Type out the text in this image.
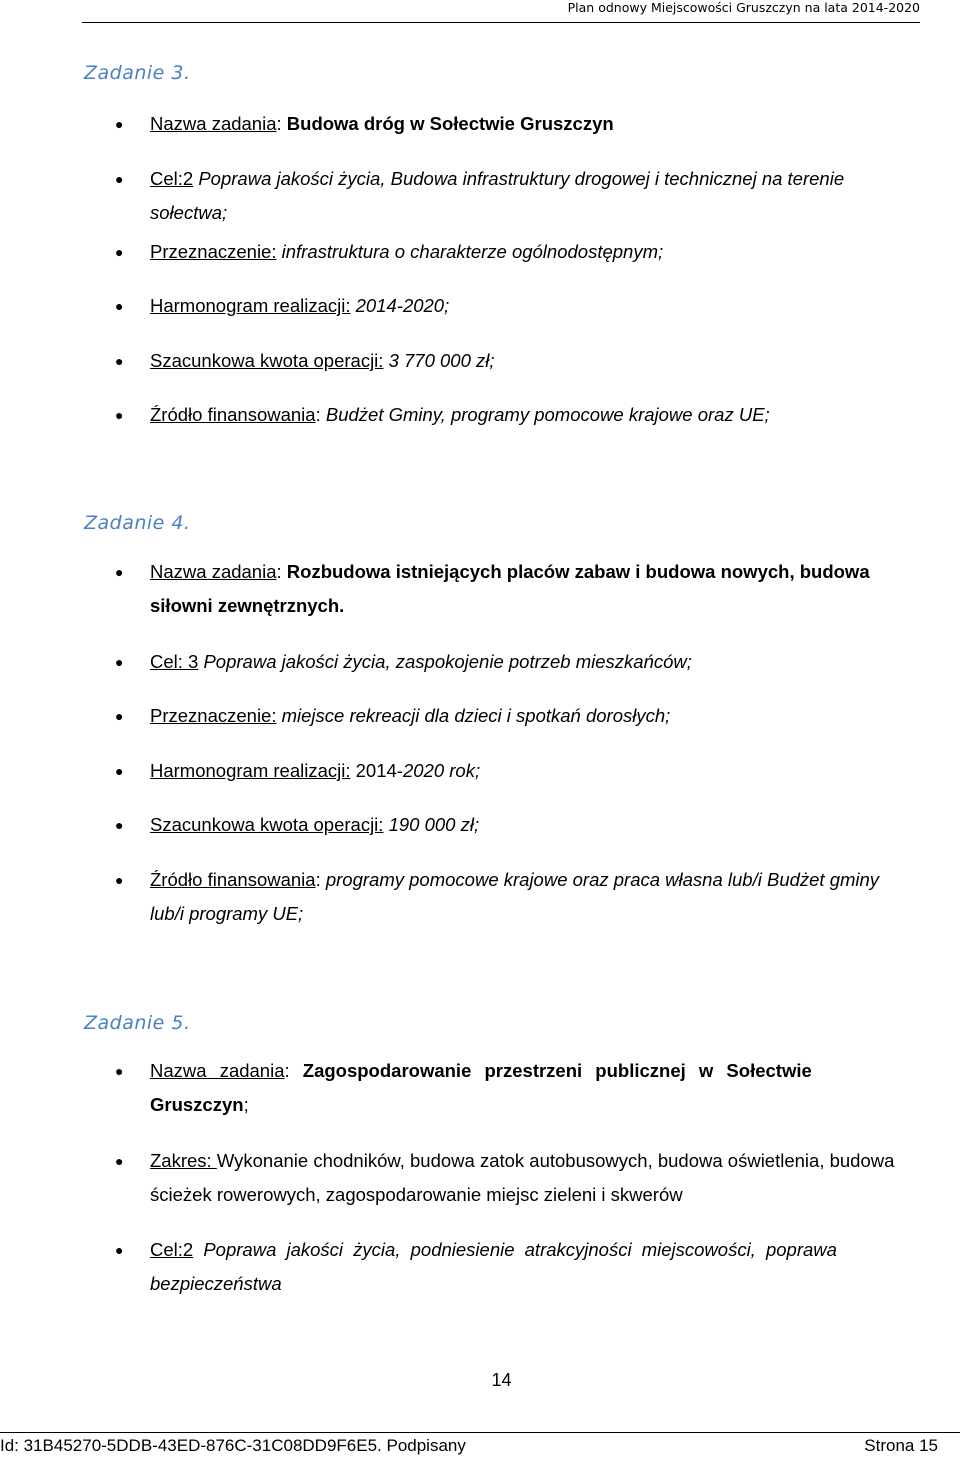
Plan odnowy Miejscowości Gruszczyn na lata 2014-2020
Zadanie 3.
● Nazwa zadania: Budowa dróg w Sołectwie Gruszczyn
● Cel:2 Poprawa jakości życia, Budowa infrastruktury drogowej i technicznej na terenie sołectwa;
● Przeznaczenie: infrastruktura o charakterze ogólnodostępnym;
● Harmonogram realizacji: 2014-2020;
● Szacunkowa kwota operacji: 3 770 000 zł;
● Źródło finansowania: Budżet Gminy, programy pomocowe krajowe oraz UE;
Zadanie 4.
● Nazwa zadania: Rozbudowa istniejących placów zabaw i budowa nowych, budowa siłowni zewnętrznych.
● Cel: 3 Poprawa jakości życia, zaspokojenie potrzeb mieszkańców;
● Przeznaczenie: miejsce rekreacji dla dzieci i spotkań dorosłych;
● Harmonogram realizacji: 2014-2020 rok;
● Szacunkowa kwota operacji: 190 000 zł;
● Źródło finansowania: programy pomocowe krajowe oraz praca własna lub/i Budżet gminy lub/i programy UE;
Zadanie 5.
● Nazwa zadania: Zagospodarowanie przestrzeni publicznej w Sołectwie Gruszczyn;
● Zakres: Wykonanie chodników, budowa zatok autobusowych, budowa oświetlenia, budowa ścieżek rowerowych, zagospodarowanie miejsc zieleni i skwerów
● Cel:2 Poprawa jakości życia, podniesienie atrakcyjności miejscowości, poprawa bezpieczeństwa
14
Id: 31B45270-5DDB-43ED-876C-31C08DD9F6E5. Podpisany	Strona 15
